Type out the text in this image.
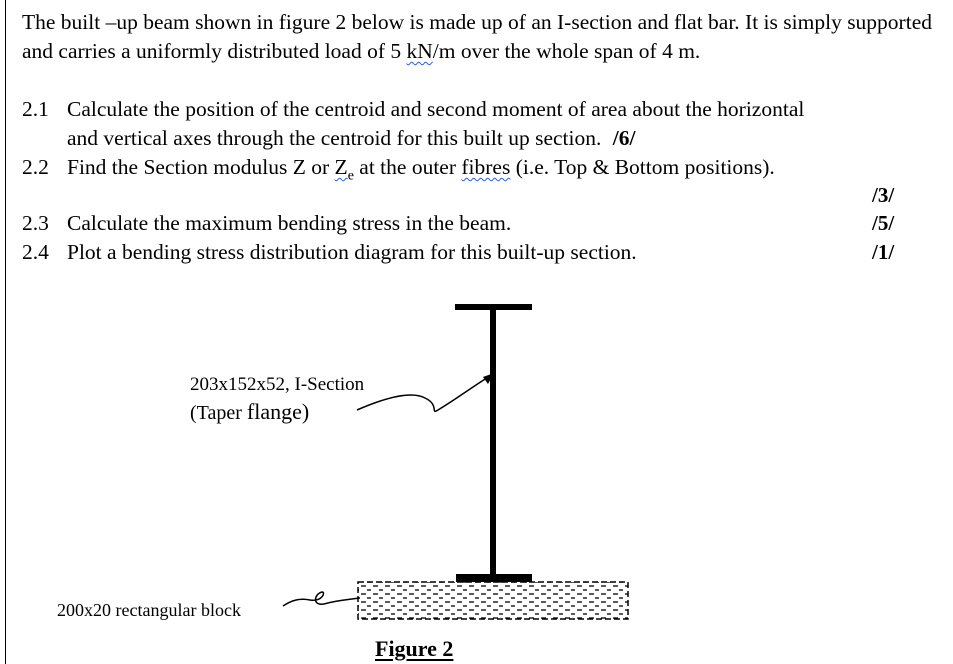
The built –up beam shown in figure 2 below is made up of an I-section and flat bar. It is simply supported and carries a uniformly distributed load of 5 kN/m over the whole span of 4 m.

2.1 Calculate the position of the centroid and second moment of area about the horizontal
and vertical axes through the centroid for this built up section. /6/
2.2 Find the Section modulus Z or $Z_e$ at the outer fibres (i.e. Top & Bottom positions).
/3/
2.3 Calculate the maximum bending stress in the beam.	/5/
2.4 Plot a bending stress distribution diagram for this built-up section.	/1/
203x152x52, I-Section
(Taper flange)
200x20 rectangular block
Figure 2
